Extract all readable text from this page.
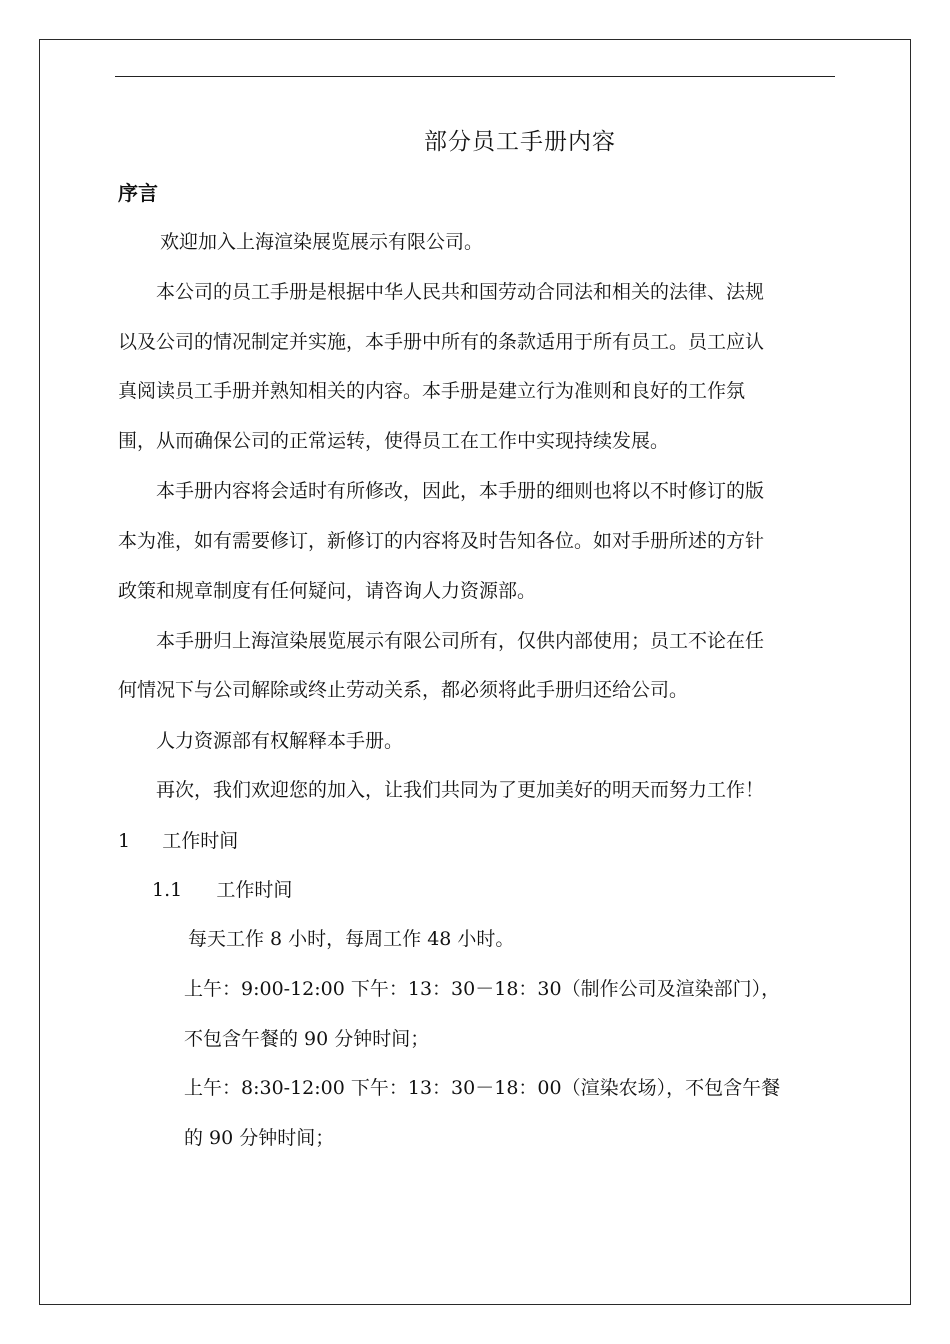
部分员工手册内容
序言
欢迎加入上海渲染展览展示有限公司。
本公司的员工手册是根据中华人民共和国劳动合同法和相关的法律、法规
以及公司的情况制定并实施，本手册中所有的条款适用于所有员工。员工应认
真阅读员工手册并熟知相关的内容。本手册是建立行为准则和良好的工作氛
围，从而确保公司的正常运转，使得员工在工作中实现持续发展。
本手册内容将会适时有所修改，因此，本手册的细则也将以不时修订的版
本为准，如有需要修订，新修订的内容将及时告知各位。如对手册所述的方针
政策和规章制度有任何疑问，请咨询人力资源部。
本手册归上海渲染展览展示有限公司所有，仅供内部使用；员工不论在任
何情况下与公司解除或终止劳动关系，都必须将此手册归还给公司。
人力资源部有权解释本手册。
再次，我们欢迎您的加入，让我们共同为了更加美好的明天而努力工作！
1 工作时间
1.1 工作时间
每天工作 8 小时，每周工作 48 小时。
上午：9:00-12:00 下午：13：30－18：30（制作公司及渲染部门），
不包含午餐的 90 分钟时间；
上午：8:30-12:00 下午：13：30－18：00（渲染农场），不包含午餐
的 90 分钟时间；
